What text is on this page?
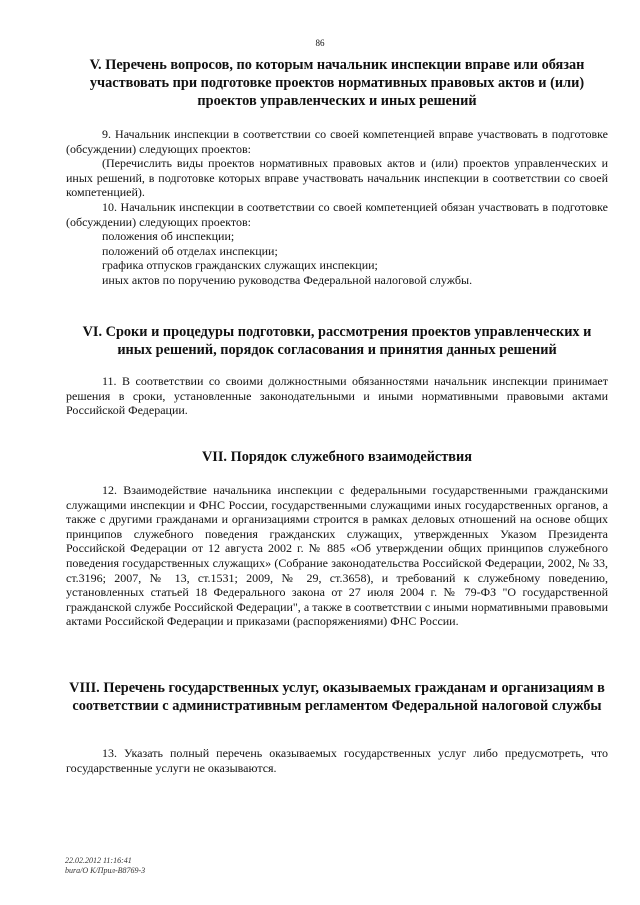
86
V. Перечень вопросов, по которым начальник инспекции вправе или обязан участвовать при подготовке проектов нормативных правовых актов и (или) проектов управленческих и иных решений

9. Начальник инспекции в соответствии со своей компетенцией вправе участвовать в подготовке (обсуждении) следующих проектов:

(Перечислить виды проектов нормативных правовых актов и (или) проектов управленческих и иных решений, в подготовке которых вправе участвовать начальник инспекции в соответствии со своей компетенцией).

10. Начальник инспекции в соответствии со своей компетенцией обязан участвовать в подготовке (обсуждении) следующих проектов:

положения об инспекции;

положений об отделах инспекции;

графика отпусков гражданских служащих инспекции;

иных актов по поручению руководства Федеральной налоговой службы.

VI. Сроки и процедуры подготовки, рассмотрения проектов управленческих и иных решений, порядок согласования и принятия данных решений

11. В соответствии со своими должностными обязанностями начальник инспекции принимает решения в сроки, установленные законодательными и иными нормативными правовыми актами Российской Федерации.

VII. Порядок служебного взаимодействия

12. Взаимодействие начальника инспекции с федеральными государственными гражданскими служащими инспекции и ФНС России, государственными служащими иных государственных органов, а также с другими гражданами и организациями строится в рамках деловых отношений на основе общих принципов служебного поведения гражданских служащих, утвержденных Указом Президента Российской Федерации от 12 августа 2002 г. № 885 «Об утверждении общих принципов служебного поведения государственных служащих» (Собрание законодательства Российской Федерации, 2002, № 33, ст.3196; 2007, № 13, ст.1531; 2009, № 29, ст.3658), и требований к служебному поведению, установленных статьей 18 Федерального закона от 27 июля 2004 г. № 79-ФЗ "О государственной гражданской службе Российской Федерации", а также в соответствии с иными нормативными правовыми актами Российской Федерации и приказами (распоряжениями) ФНС России.

VIII. Перечень государственных услуг, оказываемых гражданам и организациям в соответствии с административным регламентом Федеральной налоговой службы

13. Указать полный перечень оказываемых государственных услуг либо предусмотреть, что государственные услуги не оказываются.

22.02.2012 11:16:41
bura/O K/Прил-B8769-3
